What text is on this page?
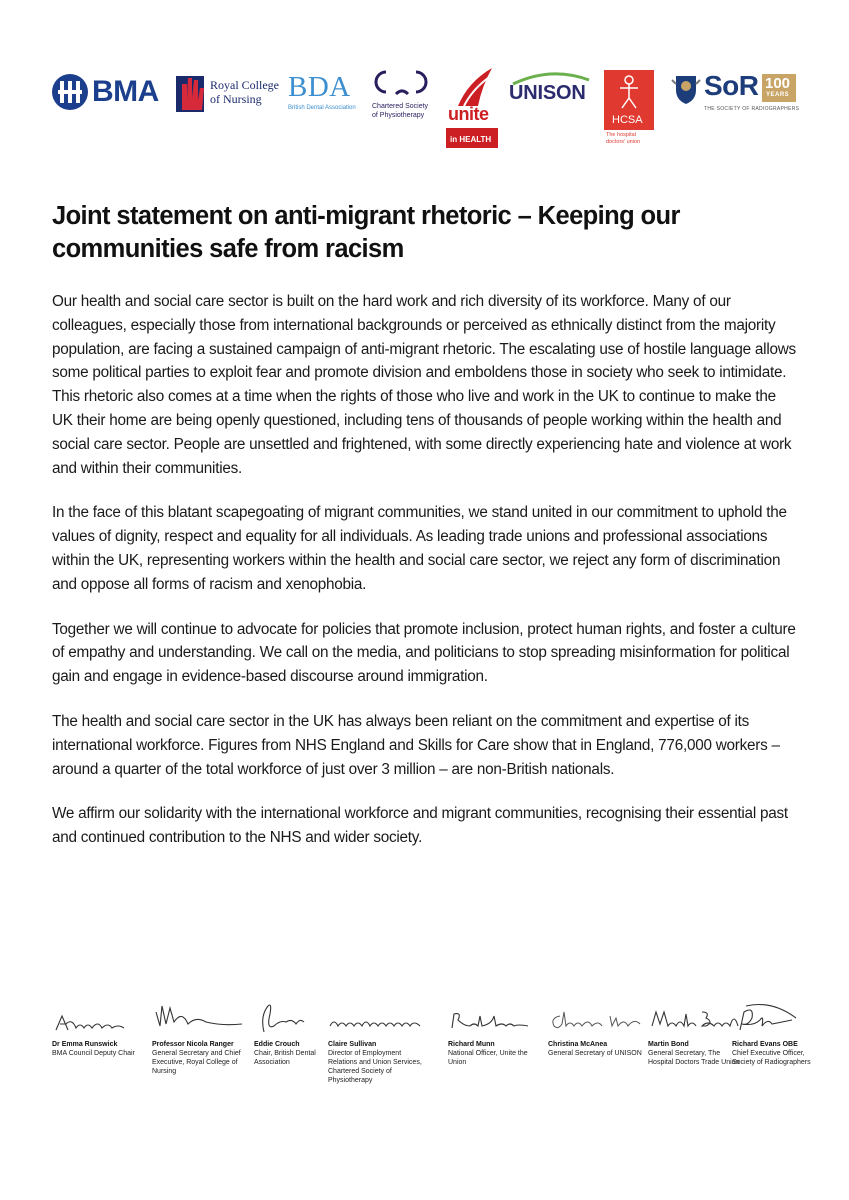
BMA	Royal College
of Nursing BDA
British Dental Association Chartered Society
of Physiotherapy unite
in HEALTH
UNISON
HCSA
The hospital
doctors' union
SoR 100
YEARS
THE SOCIETY OF RADIOGRAPHERS
Joint statement on anti-migrant rhetoric – Keeping our communities safe from racism

Our health and social care sector is built on the hard work and rich diversity of its workforce. Many of our colleagues, especially those from international backgrounds or perceived as ethnically distinct from the majority population, are facing a sustained campaign of anti-migrant rhetoric. The escalating use of hostile language allows some political parties to exploit fear and promote division and emboldens those in society who seek to intimidate. This rhetoric also comes at a time when the rights of those who live and work in the UK to continue to make the UK their home are being openly questioned, including tens of thousands of people working within the health and social care sector. People are unsettled and frightened, with some directly experiencing hate and violence at work and within their communities.

In the face of this blatant scapegoating of migrant communities, we stand united in our commitment to uphold the values of dignity, respect and equality for all individuals. As leading trade unions and professional associations within the UK, representing workers within the health and social care sector, we reject any form of discrimination and oppose all forms of racism and xenophobia.

Together we will continue to advocate for policies that promote inclusion, protect human rights, and foster a culture of empathy and understanding. We call on the media, and politicians to stop spreading misinformation for political gain and engage in evidence-based discourse around immigration.

The health and social care sector in the UK has always been reliant on the commitment and expertise of its international workforce. Figures from NHS England and Skills for Care show that in England, 776,000 workers – around a quarter of the total workforce of just over 3 million – are non-British nationals.

We affirm our solidarity with the international workforce and migrant communities, recognising their essential past and continued contribution to the NHS and wider society.

Dr Emma Runswick
BMA Council Deputy Chair
Professor Nicola Ranger
General Secretary and Chief Executive, Royal College of Nursing
Eddie Crouch
Chair, British Dental Association
Claire Sullivan
Director of Employment Relations and Union Services, Chartered Society of Physiotherapy
Richard Munn
National Officer, Unite the Union
Christina McAnea
General Secretary of UNISON
Martin Bond
General Secretary, The Hospital Doctors Trade Union
Richard Evans OBE
Chief Executive Officer, Society of Radiographers
